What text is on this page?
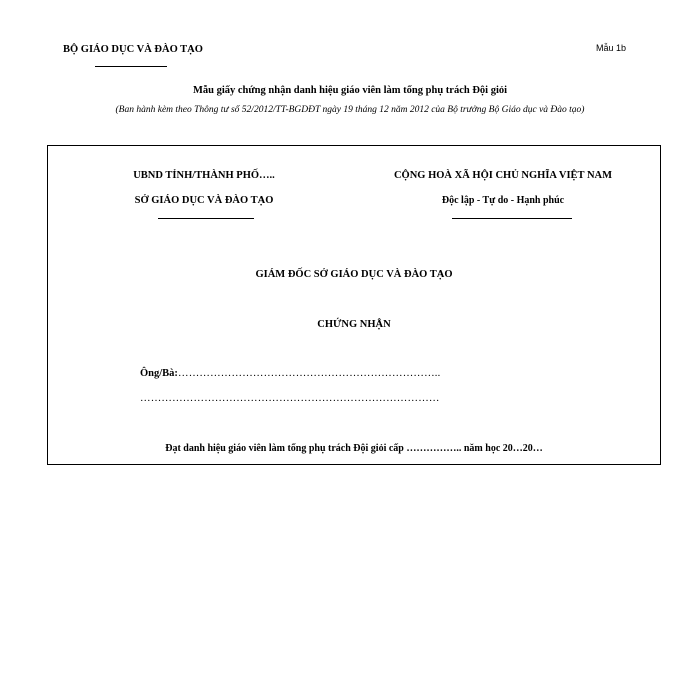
BỘ GIÁO DỤC VÀ ĐÀO TẠO	Mẫu 1b
Mẫu giấy chứng nhận danh hiệu giáo viên làm tổng phụ trách Đội giỏi
(Ban hành kèm theo Thông tư số 52/2012/TT-BGDĐT ngày 19 tháng 12 năm 2012 của Bộ trưởng Bộ Giáo dục và Đào tạo)
UBND TỈNH/THÀNH PHỐ…..
SỞ GIÁO DỤC VÀ ĐÀO TẠO
CỘNG HOÀ XÃ HỘI CHỦ NGHĨA VIỆT NAM
Độc lập - Tự do - Hạnh phúc
GIÁM ĐỐC SỞ GIÁO DỤC VÀ ĐÀO TẠO
CHỨNG NHẬN
Ông/Bà: ………………………………………………………………..
…………………………………………………………………………
Đạt danh hiệu giáo viên làm tổng phụ trách Đội giỏi cấp …………….. năm học 20…20…
